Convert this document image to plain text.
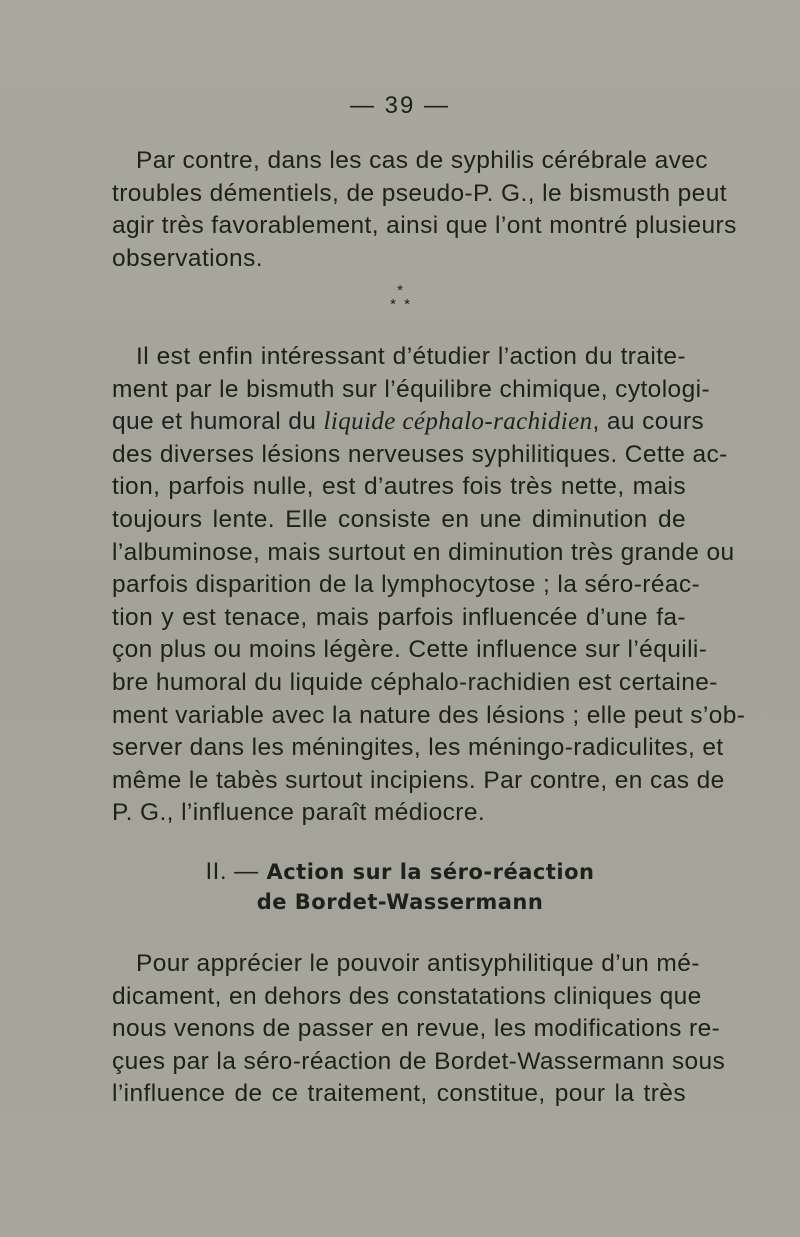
— 39 —

Par contre, dans les cas de syphilis cérébrale avec
troubles démentiels, de pseudo-P. G., le bismusth peut
agir très favorablement, ainsi que l’ont montré plusieurs
observations.

*
* *

Il est enfin intéressant d’étudier l’action du traite-
ment par le bismuth sur l’équilibre chimique, cytologi-
que et humoral du liquide céphalo-rachidien, au cours
des diverses lésions nerveuses syphilitiques. Cette ac-
tion, parfois nulle, est d’autres fois très nette, mais
toujours lente. Elle consiste en une diminution de
l’albuminose, mais surtout en diminution très grande ou
parfois disparition de la lymphocytose ; la séro-réac-
tion y est tenace, mais parfois influencée d’une fa-
çon plus ou moins légère. Cette influence sur l’équili-
bre humoral du liquide céphalo-rachidien est certaine-
ment variable avec la nature des lésions ; elle peut s’ob-
server dans les méningites, les méningo-radiculites, et
même le tabès surtout incipiens. Par contre, en cas de
P. G., l’influence paraît médiocre.

II. — Action sur la séro-réaction
de Bordet-Wassermann

Pour apprécier le pouvoir antisyphilitique d’un mé-
dicament, en dehors des constatations cliniques que
nous venons de passer en revue, les modifications re-
çues par la séro-réaction de Bordet-Wassermann sous
l’influence de ce traitement, constitue, pour la très
